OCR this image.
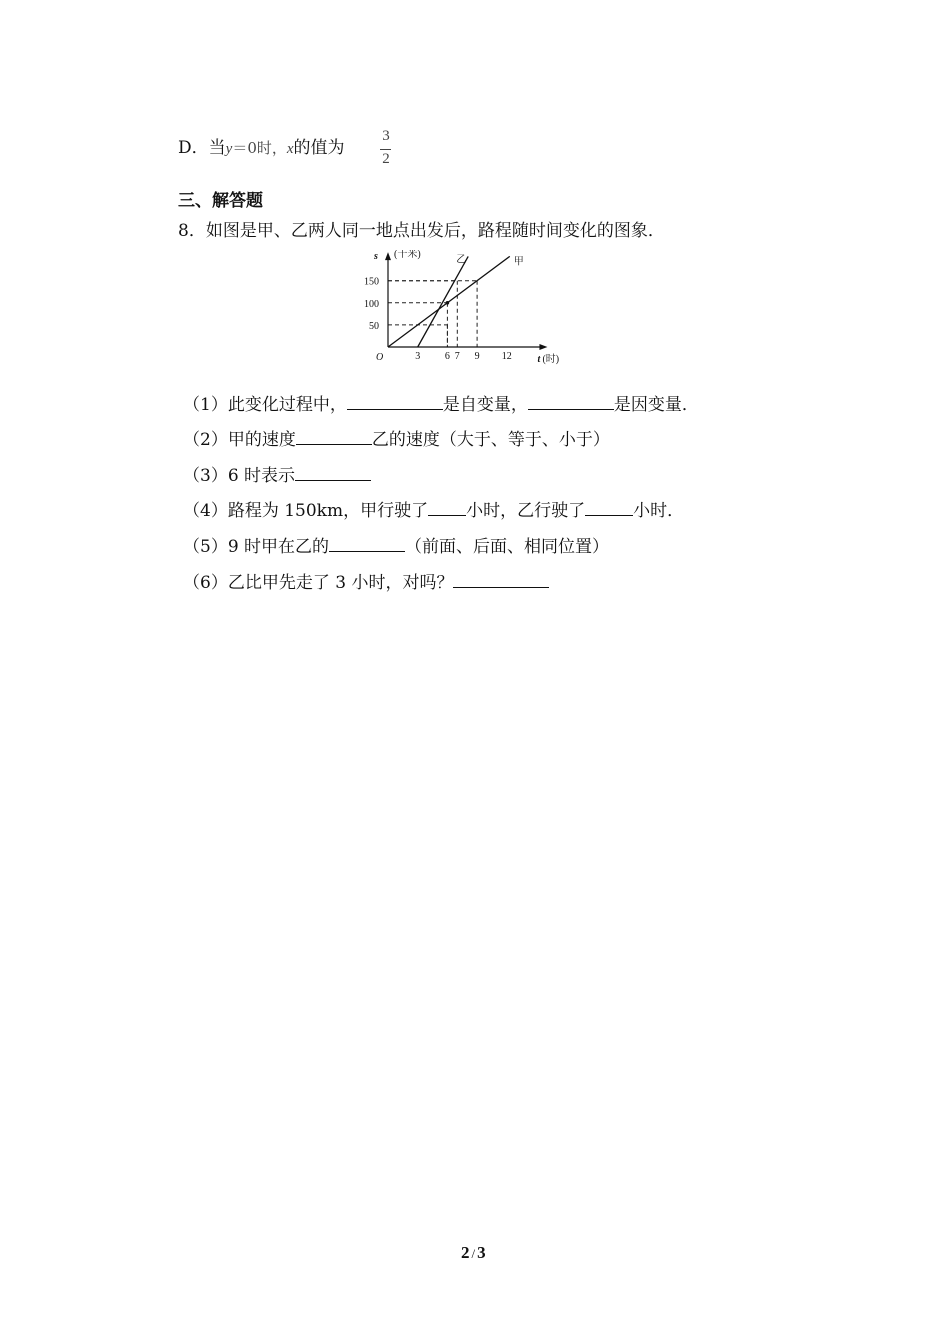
D．当y＝0时，x的值为
3
2
三、解答题
8．如图是甲、乙两人同一地点出发后，路程随时间变化的图象．
甲
乙
3 6 7 9 12
50
100
150
O
s (千米)
t (时)
（1）此变化过程中，	是自变量，	是因变量．
（2）甲的速度	乙的速度（大于、等于、小于）
（3）6 时表示
（4）路程为 150km，甲行驶了 小时，乙行驶了	小时．
（5）9 时甲在乙的	（前面、后面、相同位置）
（6）乙比甲先走了 3 小时，对吗？
2 / 3
